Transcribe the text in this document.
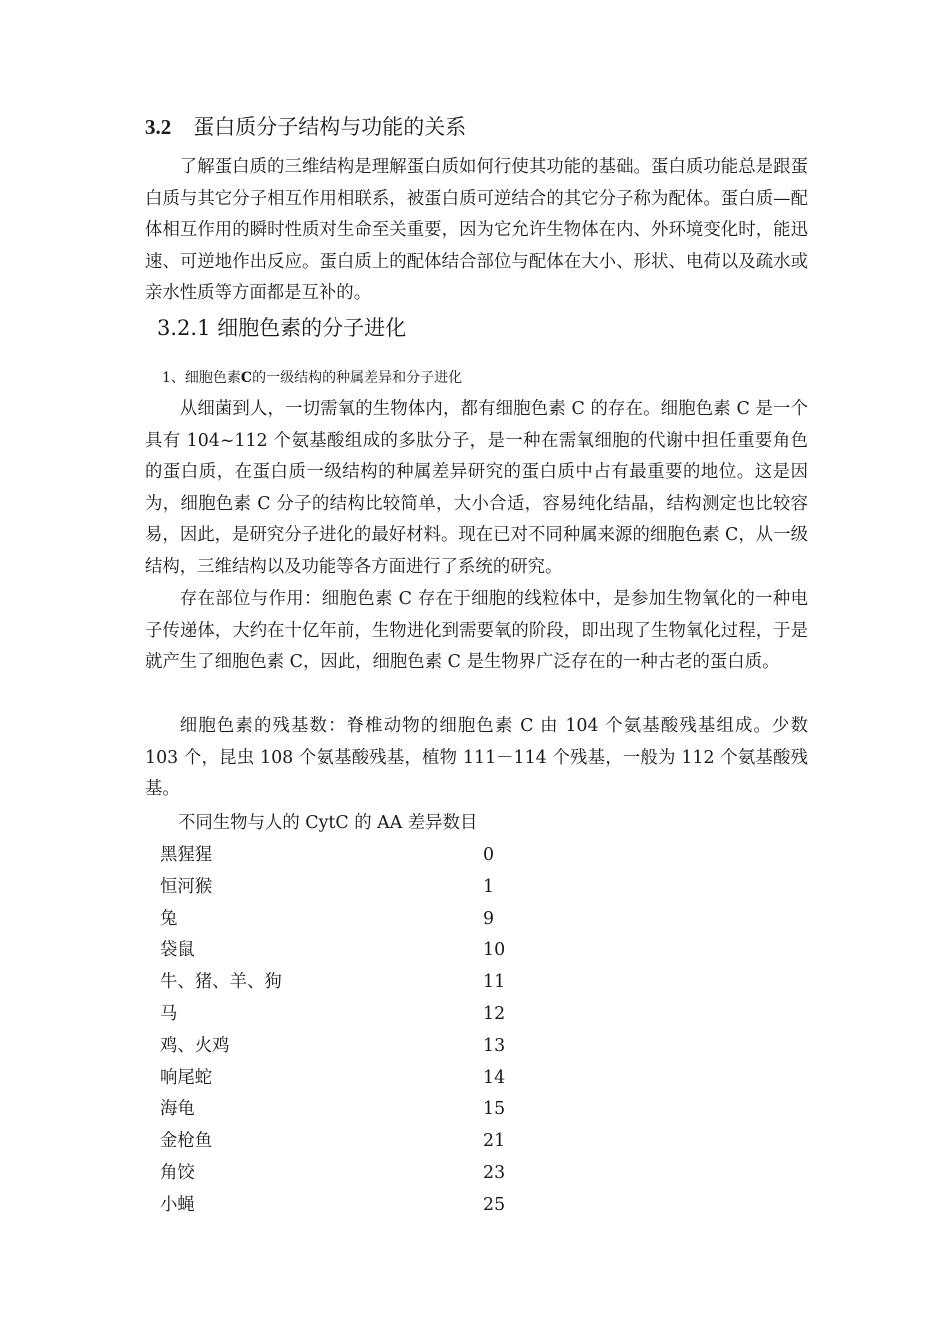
3.2 蛋白质分子结构与功能的关系
了解蛋白质的三维结构是理解蛋白质如何行使其功能的基础。蛋白质功能总是跟蛋白质与其它分子相互作用相联系，被蛋白质可逆结合的其它分子称为配体。蛋白质—配体相互作用的瞬时性质对生命至关重要，因为它允许生物体在内、外环境变化时，能迅速、可逆地作出反应。蛋白质上的配体结合部位与配体在大小、形状、电荷以及疏水或亲水性质等方面都是互补的。
3.2.1 细胞色素的分子进化
1、细胞色素C的一级结构的种属差异和分子进化
从细菌到人，一切需氧的生物体内，都有细胞色素 C 的存在。细胞色素 C 是一个具有 104~112 个氨基酸组成的多肽分子，是一种在需氧细胞的代谢中担任重要角色的蛋白质，在蛋白质一级结构的种属差异研究的蛋白质中占有最重要的地位。这是因为，细胞色素 C 分子的结构比较简单，大小合适，容易纯化结晶，结构测定也比较容易，因此，是研究分子进化的最好材料。现在已对不同种属来源的细胞色素 C，从一级结构，三维结构以及功能等各方面进行了系统的研究。
存在部位与作用：细胞色素 C 存在于细胞的线粒体中，是参加生物氧化的一种电子传递体，大约在十亿年前，生物进化到需要氧的阶段，即出现了生物氧化过程，于是就产生了细胞色素 C，因此，细胞色素 C 是生物界广泛存在的一种古老的蛋白质。
细胞色素的残基数：脊椎动物的细胞色素 C 由 104 个氨基酸残基组成。少数 103 个，昆虫 108 个氨基酸残基，植物 111－114 个残基，一般为 112 个氨基酸残基。
不同生物与人的 CytC 的 AA 差异数目
黑猩猩	0
恒河猴	1
兔	9
袋鼠	10
牛、猪、羊、狗	11
马	12
鸡、火鸡	13
响尾蛇	14
海龟	15
金枪鱼	21
角饺	23
小蝇	25
